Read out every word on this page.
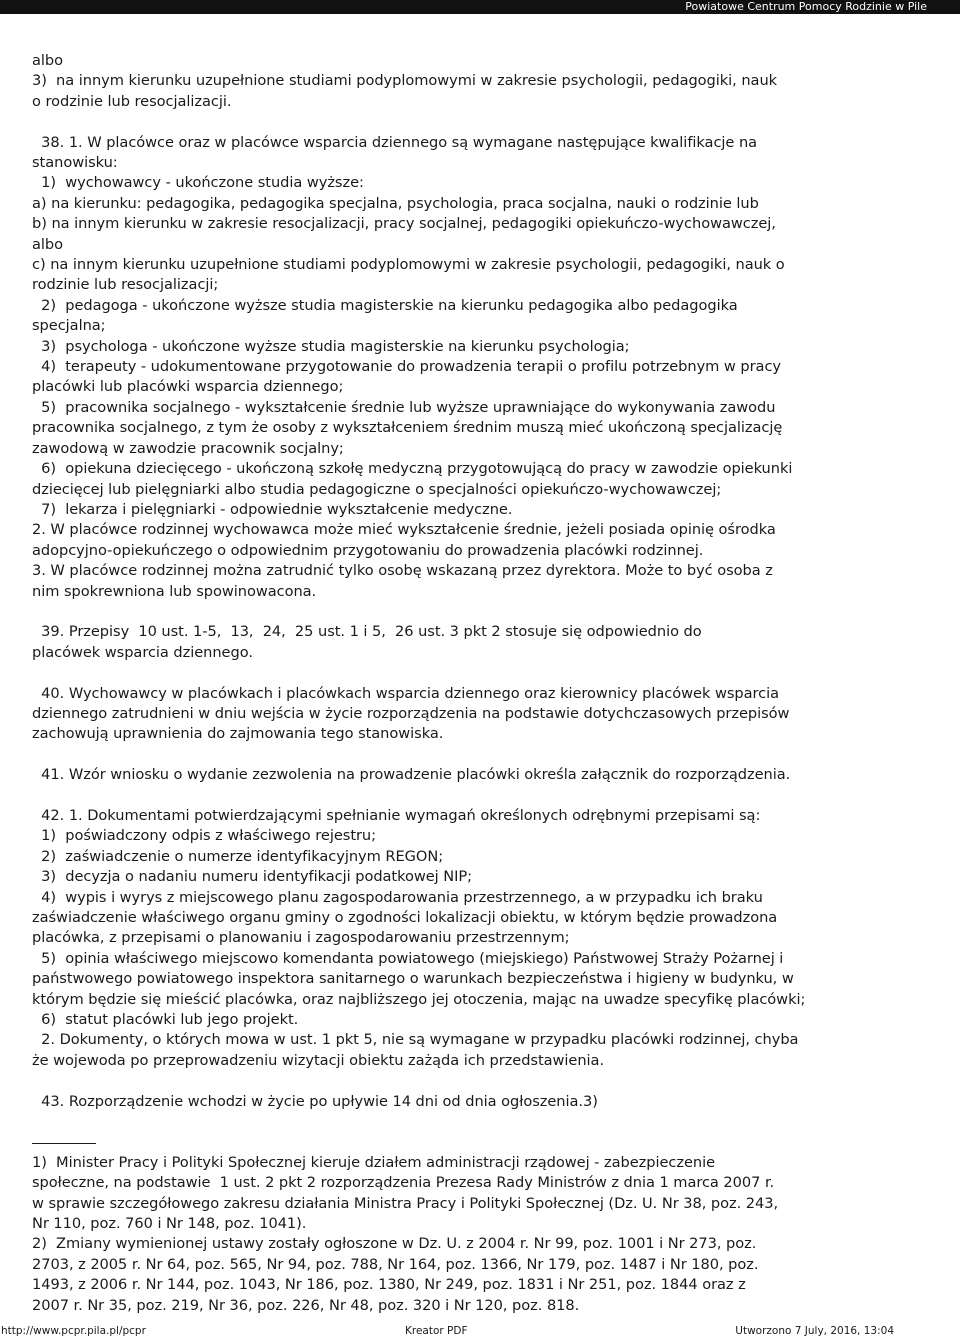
Powiatowe Centrum Pomocy Rodzinie w Pile
albo
3)  na innym kierunku uzupełnione studiami podyplomowymi w zakresie psychologii, pedagogiki, nauk
o rodzinie lub resocjalizacji.
38. 1. W placówce oraz w placówce wsparcia dziennego są wymagane następujące kwalifikacje na
stanowisku:
1)  wychowawcy - ukończone studia wyższe:
a) na kierunku: pedagogika, pedagogika specjalna, psychologia, praca socjalna, nauki o rodzinie lub
b) na innym kierunku w zakresie resocjalizacji, pracy socjalnej, pedagogiki opiekuńczo-wychowawczej,
albo
c) na innym kierunku uzupełnione studiami podyplomowymi w zakresie psychologii, pedagogiki, nauk o
rodzinie lub resocjalizacji;
2)  pedagoga - ukończone wyższe studia magisterskie na kierunku pedagogika albo pedagogika
specjalna;
3)  psychologa - ukończone wyższe studia magisterskie na kierunku psychologia;
4)  terapeuty - udokumentowane przygotowanie do prowadzenia terapii o profilu potrzebnym w pracy
placówki lub placówki wsparcia dziennego;
5)  pracownika socjalnego - wykształcenie średnie lub wyższe uprawniające do wykonywania zawodu
pracownika socjalnego, z tym że osoby z wykształceniem średnim muszą mieć ukończoną specjalizację
zawodową w zawodzie pracownik socjalny;
6)  opiekuna dziecięcego - ukończoną szkołę medyczną przygotowującą do pracy w zawodzie opiekunki
dziecięcej lub pielęgniarki albo studia pedagogiczne o specjalności opiekuńczo-wychowawczej;
7)  lekarza i pielęgniarki - odpowiednie wykształcenie medyczne.
2. W placówce rodzinnej wychowawca może mieć wykształcenie średnie, jeżeli posiada opinię ośrodka
adopcyjno-opiekuńczego o odpowiednim przygotowaniu do prowadzenia placówki rodzinnej.
3. W placówce rodzinnej można zatrudnić tylko osobę wskazaną przez dyrektora. Może to być osoba z
nim spokrewniona lub spowinowacona.
39. Przepisy  10 ust. 1-5,  13,  24,  25 ust. 1 i 5,  26 ust. 3 pkt 2 stosuje się odpowiednio do
placówek wsparcia dziennego.
40. Wychowawcy w placówkach i placówkach wsparcia dziennego oraz kierownicy placówek wsparcia
dziennego zatrudnieni w dniu wejścia w życie rozporządzenia na podstawie dotychczasowych przepisów
zachowują uprawnienia do zajmowania tego stanowiska.
41. Wzór wniosku o wydanie zezwolenia na prowadzenie placówki określa załącznik do rozporządzenia.
42. 1. Dokumentami potwierdzającymi spełnianie wymagań określonych odrębnymi przepisami są:
1)  poświadczony odpis z właściwego rejestru;
2)  zaświadczenie o numerze identyfikacyjnym REGON;
3)  decyzja o nadaniu numeru identyfikacji podatkowej NIP;
4)  wypis i wyrys z miejscowego planu zagospodarowania przestrzennego, a w przypadku ich braku
zaświadczenie właściwego organu gminy o zgodności lokalizacji obiektu, w którym będzie prowadzona
placówka, z przepisami o planowaniu i zagospodarowaniu przestrzennym;
5)  opinia właściwego miejscowo komendanta powiatowego (miejskiego) Państwowej Straży Pożarnej i
państwowego powiatowego inspektora sanitarnego o warunkach bezpieczeństwa i higieny w budynku, w
którym będzie się mieścić placówka, oraz najbliższego jej otoczenia, mając na uwadze specyfikę placówki;
6)  statut placówki lub jego projekt.
2. Dokumenty, o których mowa w ust. 1 pkt 5, nie są wymagane w przypadku placówki rodzinnej, chyba
że wojewoda po przeprowadzeniu wizytacji obiektu zażąda ich przedstawienia.
43. Rozporządzenie wchodzi w życie po upływie 14 dni od dnia ogłoszenia.3)
1)  Minister Pracy i Polityki Społecznej kieruje działem administracji rządowej - zabezpieczenie
społeczne, na podstawie  1 ust. 2 pkt 2 rozporządzenia Prezesa Rady Ministrów z dnia 1 marca 2007 r.
w sprawie szczegółowego zakresu działania Ministra Pracy i Polityki Społecznej (Dz. U. Nr 38, poz. 243,
Nr 110, poz. 760 i Nr 148, poz. 1041).
2)  Zmiany wymienionej ustawy zostały ogłoszone w Dz. U. z 2004 r. Nr 99, poz. 1001 i Nr 273, poz.
2703, z 2005 r. Nr 64, poz. 565, Nr 94, poz. 788, Nr 164, poz. 1366, Nr 179, poz. 1487 i Nr 180, poz.
1493, z 2006 r. Nr 144, poz. 1043, Nr 186, poz. 1380, Nr 249, poz. 1831 i Nr 251, poz. 1844 oraz z
2007 r. Nr 35, poz. 219, Nr 36, poz. 226, Nr 48, poz. 320 i Nr 120, poz. 818.
http://www.pcpr.pila.pl/pcpr	Kreator PDF	Utworzono 7 July, 2016, 13:04
